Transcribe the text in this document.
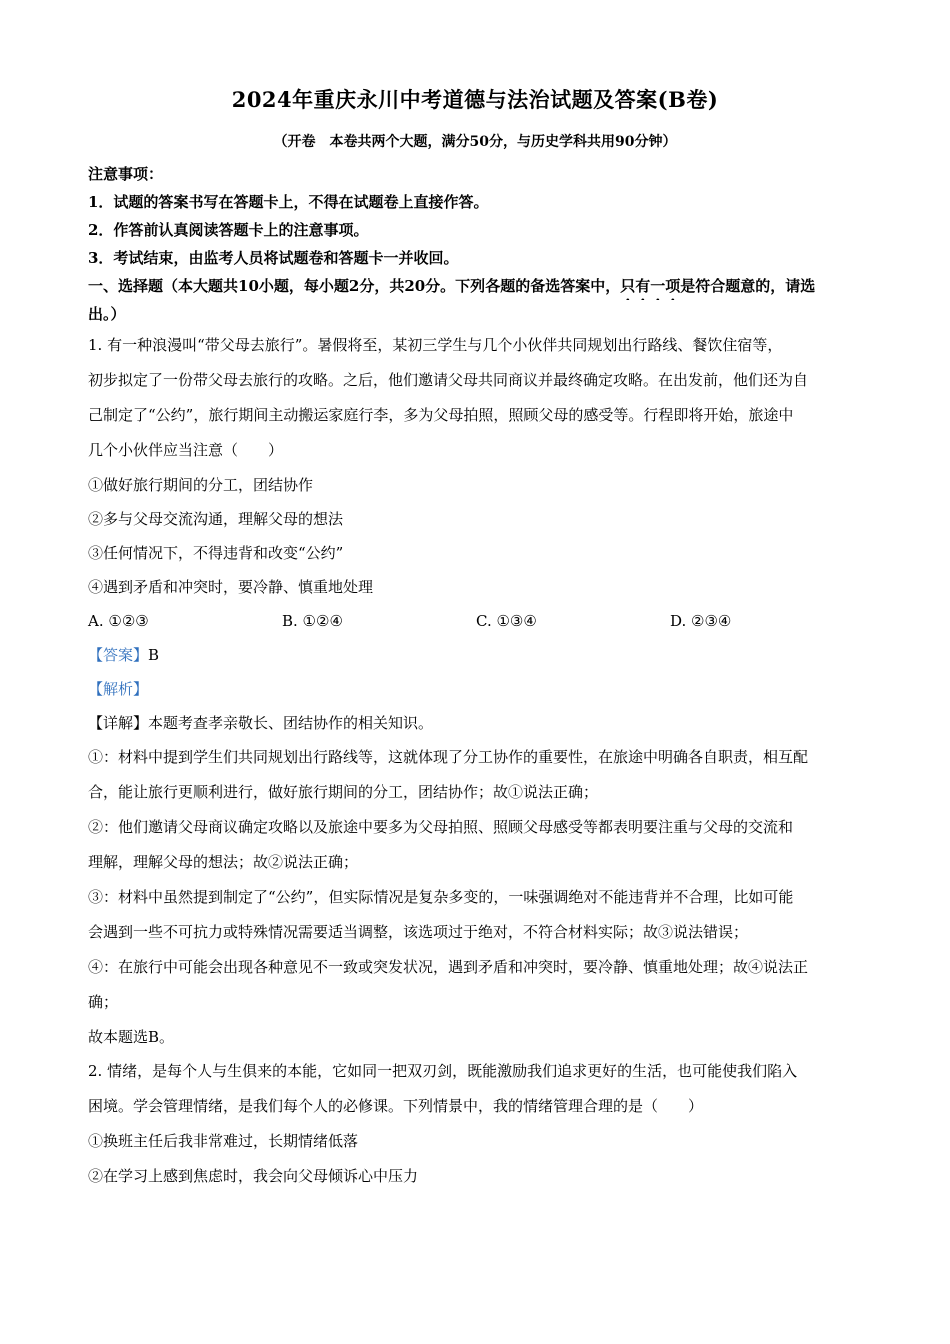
2024年重庆永川中考道德与法治试题及答案(B卷)
（开卷　本卷共两个大题，满分50分，与历史学科共用90分钟）
注意事项：
1．试题的答案书写在答题卡上，不得在试题卷上直接作答。
2．作答前认真阅读答题卡上的注意事项。
3．考试结束，由监考人员将试题卷和答题卡一并收回。
一、选择题（本大题共10小题，每小题2分，共20分。下列各题的备选答案中，只有一项是符合题意的，请选
出。）
1. 有一种浪漫叫“带父母去旅行”。暑假将至，某初三学生与几个小伙伴共同规划出行路线、餐饮住宿等，
初步拟定了一份带父母去旅行的攻略。之后，他们邀请父母共同商议并最终确定攻略。在出发前，他们还为自
己制定了“公约”，旅行期间主动搬运家庭行李，多为父母拍照，照顾父母的感受等。行程即将开始，旅途中
几个小伙伴应当注意（　　）
①做好旅行期间的分工，团结协作
②多与父母交流沟通，理解父母的想法
③任何情况下，不得违背和改变“公约”
④遇到矛盾和冲突时，要冷静、慎重地处理
A. ①②③	B. ①②④	C. ①③④	D. ②③④
【答案】B
【解析】
【详解】本题考查孝亲敬长、团结协作的相关知识。
①：材料中提到学生们共同规划出行路线等，这就体现了分工协作的重要性，在旅途中明确各自职责，相互配
合，能让旅行更顺利进行，做好旅行期间的分工，团结协作；故①说法正确；
②：他们邀请父母商议确定攻略以及旅途中要多为父母拍照、照顾父母感受等都表明要注重与父母的交流和
理解，理解父母的想法；故②说法正确；
③：材料中虽然提到制定了“公约”，但实际情况是复杂多变的，一味强调绝对不能违背并不合理，比如可能
会遇到一些不可抗力或特殊情况需要适当调整，该选项过于绝对，不符合材料实际；故③说法错误；
④：在旅行中可能会出现各种意见不一致或突发状况，遇到矛盾和冲突时，要冷静、慎重地处理；故④说法正
确；
故本题选B。
2. 情绪，是每个人与生俱来的本能，它如同一把双刃剑，既能激励我们追求更好的生活，也可能使我们陷入
困境。学会管理情绪，是我们每个人的必修课。下列情景中，我的情绪管理合理的是（　　）
①换班主任后我非常难过，长期情绪低落
②在学习上感到焦虑时，我会向父母倾诉心中压力
